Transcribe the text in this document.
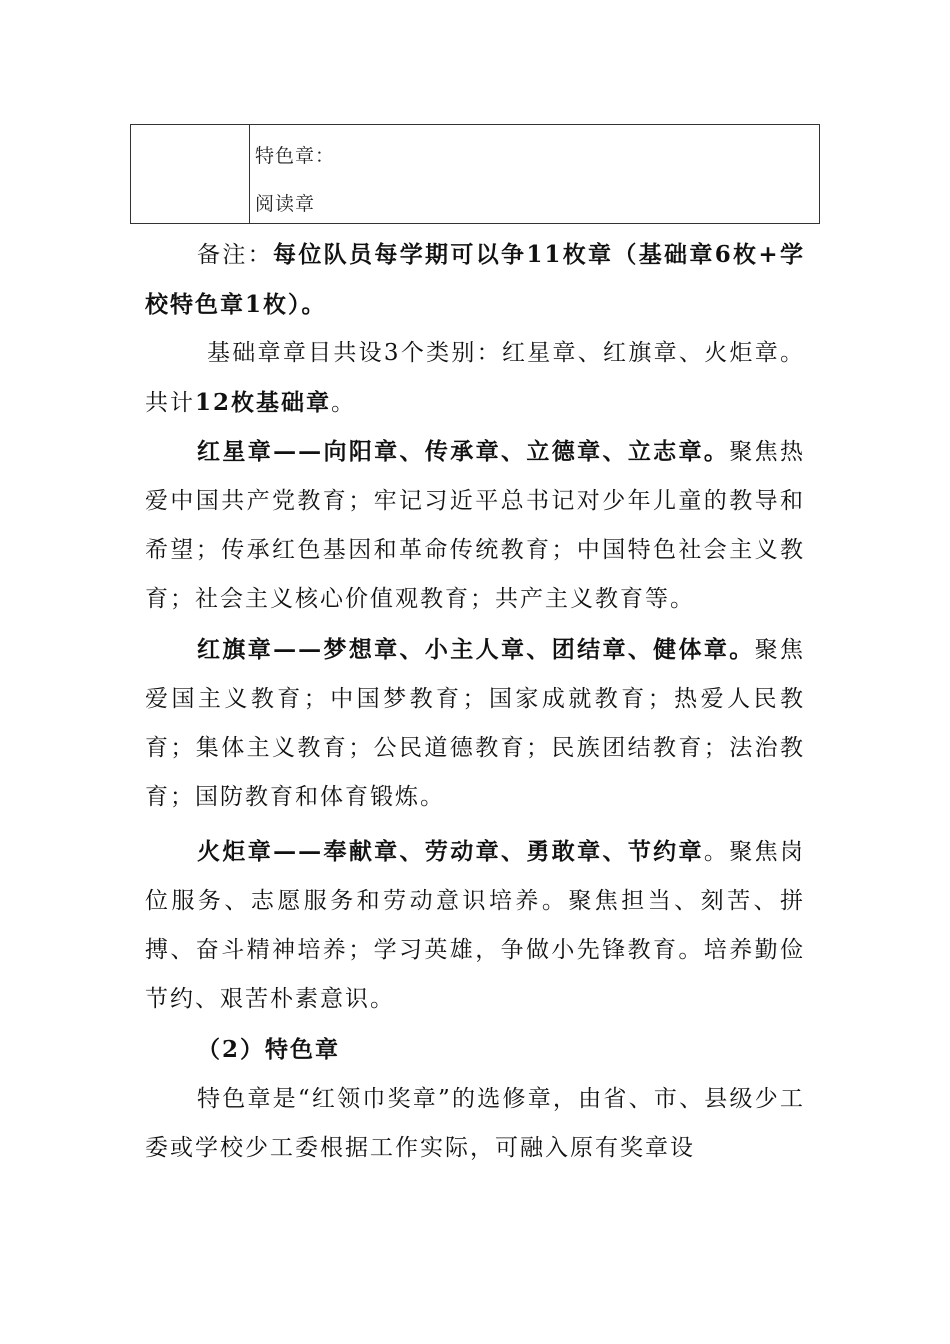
特色章：
阅读章

备注：每位队员每学期可以争11枚章（基础章6枚+学校特色章1枚）。

基础章章目共设3个类别：红星章、红旗章、火炬章。共计12枚基础章。

红星章——向阳章、传承章、立德章、立志章。聚焦热爱中国共产党教育；牢记习近平总书记对少年儿童的教导和希望；传承红色基因和革命传统教育；中国特色社会主义教育；社会主义核心价值观教育；共产主义教育等。

红旗章——梦想章、小主人章、团结章、健体章。聚焦爱国主义教育；中国梦教育；国家成就教育；热爱人民教育；集体主义教育；公民道德教育；民族团结教育；法治教育；国防教育和体育锻炼。

火炬章——奉献章、劳动章、勇敢章、节约章。聚焦岗位服务、志愿服务和劳动意识培养。聚焦担当、刻苦、拼搏、奋斗精神培养；学习英雄，争做小先锋教育。培养勤俭节约、艰苦朴素意识。

（2）特色章

特色章是“红领巾奖章”的选修章，由省、市、县级少工委或学校少工委根据工作实际，可融入原有奖章设
